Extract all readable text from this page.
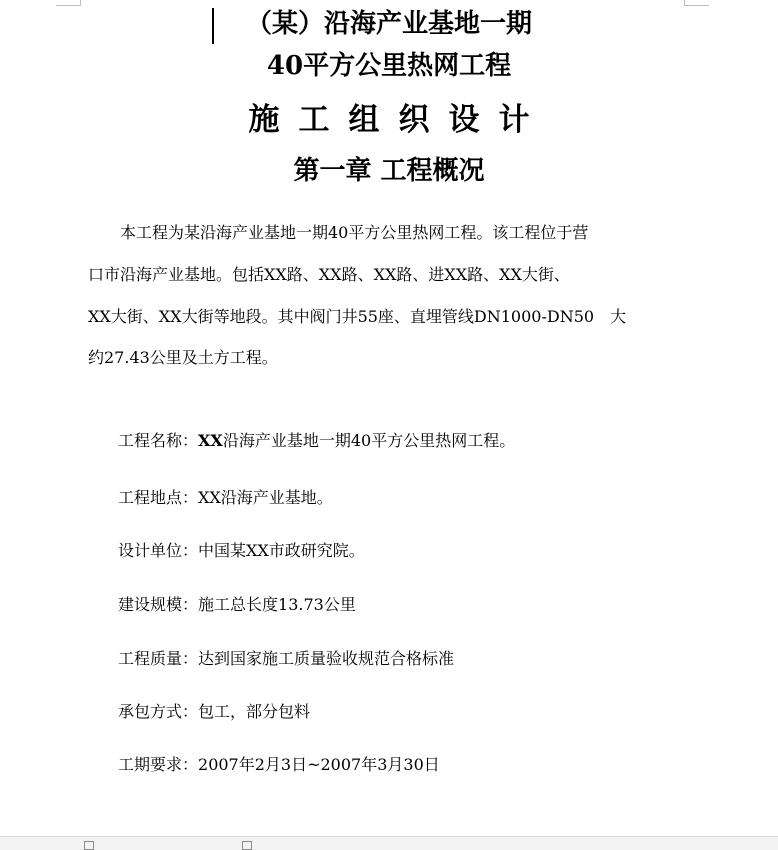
（某）沿海产业基地一期
40平方公里热网工程
施工组织设计
第一章 工程概况
　　本工程为某沿海产业基地一期40平方公里热网工程。该工程位于营
口市沿海产业基地。包括XX路、XX路、XX路、进XX路、XX大街、
XX大街、XX大街等地段。其中阀门井55座、直埋管线DN1000-DN50　大
约27.43公里及土方工程。
工程名称：XX沿海产业基地一期40平方公里热网工程。
工程地点：XX沿海产业基地。
设计单位：中国某XX市政研究院。
建设规模：施工总长度13.73公里
工程质量：达到国家施工质量验收规范合格标准
承包方式：包工，部分包料
工期要求：2007年2月3日~2007年3月30日
